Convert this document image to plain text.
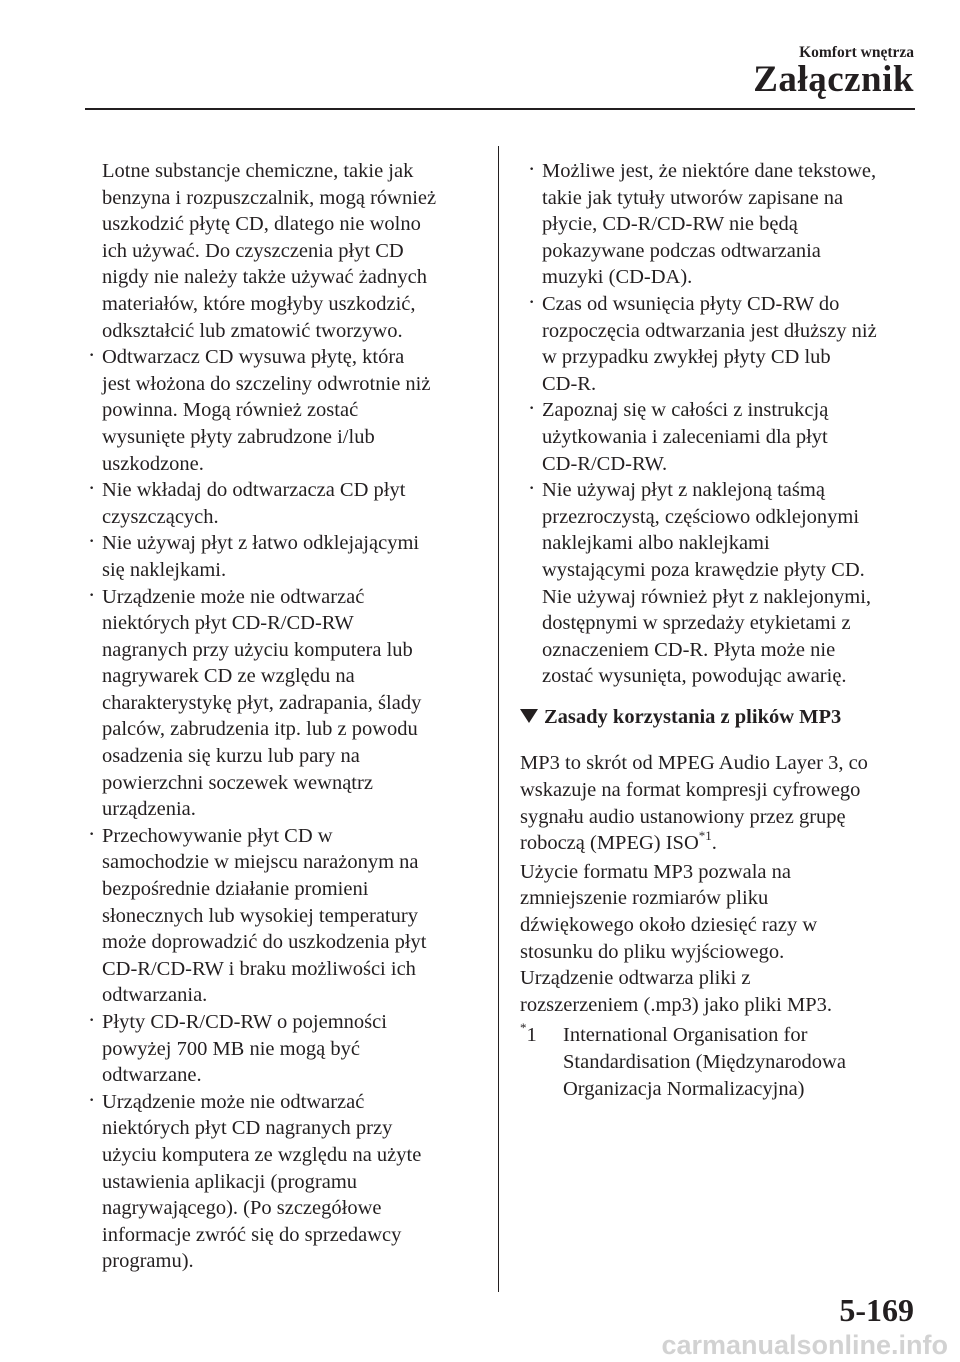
Komfort wnętrza
Załącznik
Lotne substancje chemiczne, takie jak
benzyna i rozpuszczalnik, mogą również
uszkodzić płytę CD, dlatego nie wolno
ich używać. Do czyszczenia płyt CD
nigdy nie należy także używać żadnych
materiałów, które mogłyby uszkodzić,
odkształcić lub zmatowić tworzywo.
· Odtwarzacz CD wysuwa płytę, która
jest włożona do szczeliny odwrotnie niż
powinna. Mogą również zostać
wysunięte płyty zabrudzone i/lub
uszkodzone.
· Nie wkładaj do odtwarzacza CD płyt
czyszczących.
· Nie używaj płyt z łatwo odklejającymi
się naklejkami.
· Urządzenie może nie odtwarzać
niektórych płyt CD-R/CD-RW
nagranych przy użyciu komputera lub
nagrywarek CD ze względu na
charakterystykę płyt, zadrapania, ślady
palców, zabrudzenia itp. lub z powodu
osadzenia się kurzu lub pary na
powierzchni soczewek wewnątrz
urządzenia.
· Przechowywanie płyt CD w
samochodzie w miejscu narażonym na
bezpośrednie działanie promieni
słonecznych lub wysokiej temperatury
może doprowadzić do uszkodzenia płyt
CD-R/CD-RW i braku możliwości ich
odtwarzania.
· Płyty CD-R/CD-RW o pojemności
powyżej 700 MB nie mogą być
odtwarzane.
· Urządzenie może nie odtwarzać
niektórych płyt CD nagranych przy
użyciu komputera ze względu na użyte
ustawienia aplikacji (programu
nagrywającego). (Po szczegółowe
informacje zwróć się do sprzedawcy
programu).
· Możliwe jest, że niektóre dane tekstowe,
takie jak tytuły utworów zapisane na
płycie, CD-R/CD-RW nie będą
pokazywane podczas odtwarzania
muzyki (CD-DA).
· Czas od wsunięcia płyty CD-RW do
rozpoczęcia odtwarzania jest dłuższy niż
w przypadku zwykłej płyty CD lub
CD-R.
· Zapoznaj się w całości z instrukcją
użytkowania i zaleceniami dla płyt
CD-R/CD-RW.
· Nie używaj płyt z naklejoną taśmą
przezroczystą, częściowo odklejonymi
naklejkami albo naklejkami
wystającymi poza krawędzie płyty CD.
Nie używaj również płyt z naklejonymi,
dostępnymi w sprzedaży etykietami z
oznaczeniem CD-R. Płyta może nie
zostać wysunięta, powodując awarię.
Zasady korzystania z plików MP3
MP3 to skrót od MPEG Audio Layer 3, co
wskazuje na format kompresji cyfrowego
sygnału audio ustanowiony przez grupę
roboczą (MPEG) ISO$^{*1}$.
Użycie formatu MP3 pozwala na
zmniejszenie rozmiarów pliku
dźwiękowego około dziesięć razy w
stosunku do pliku wyjściowego.
Urządzenie odtwarza pliki z
rozszerzeniem (.mp3) jako pliki MP3.
*1	International Organisation for
Standardisation (Międzynarodowa
Organizacja Normalizacyjna)
5-169
carmanualsonline.info
